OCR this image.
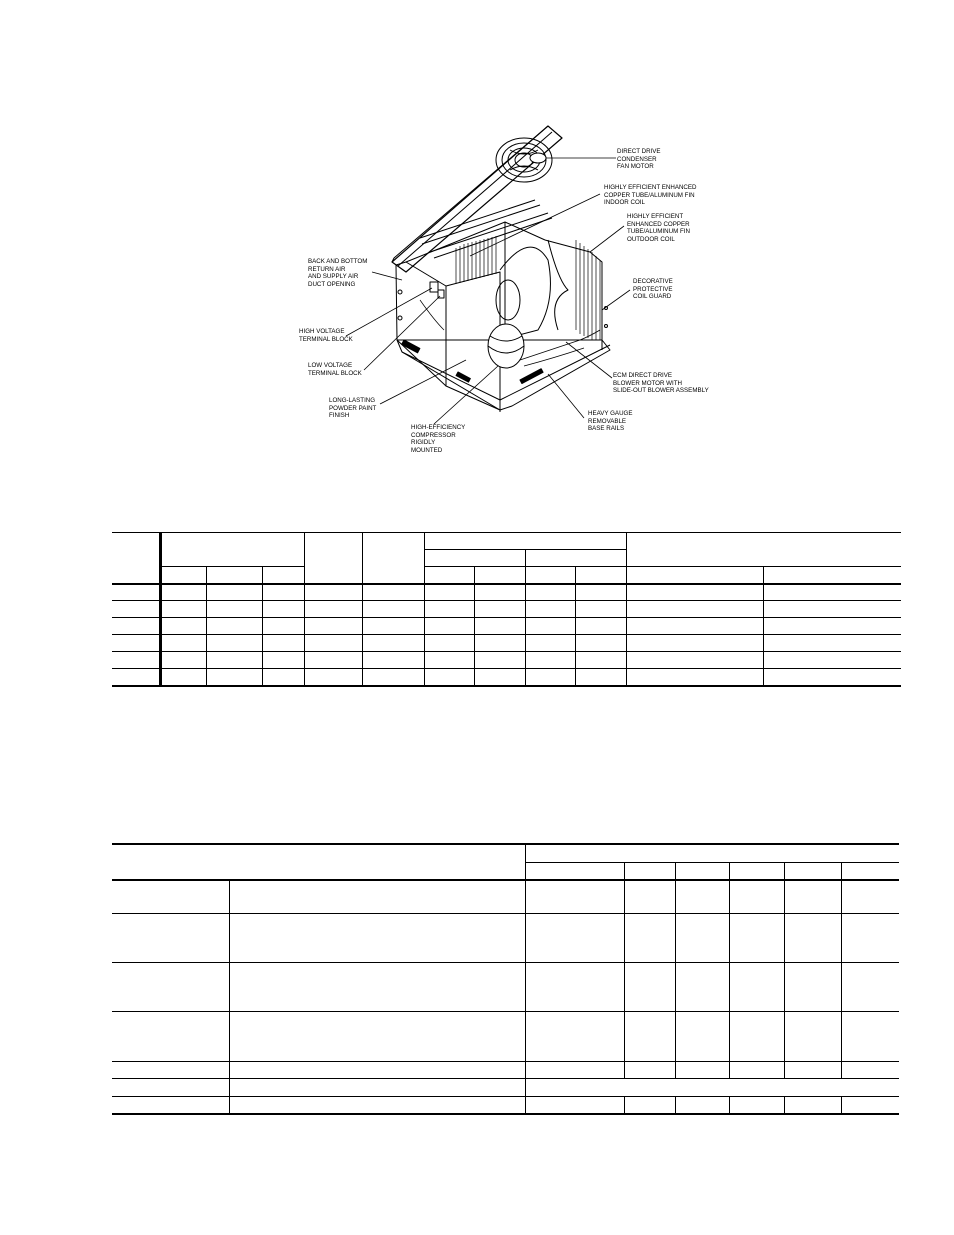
DIRECT DRIVE
CONDENSER
FAN MOTOR
HIGHLY EFFICIENT ENHANCED
COPPER TUBE/ALUMINUM FIN
INDOOR COIL
HIGHLY EFFICIENT
ENHANCED COPPER
TUBE/ALUMINUM FIN
OUTDOOR COIL
BACK AND BOTTOM
RETURN AIR
AND SUPPLY AIR
DUCT OPENING	DECORATIVE
PROTECTIVE
COIL GUARD
HIGH VOLTAGE
TERMINAL BLOCK
LOW VOLTAGE
TERMINAL BLOCK	ECM DIRECT DRIVE
BLOWER MOTOR WITH
SLIDE-OUT BLOWER ASSEMBLY
LONG-LASTING
POWDER PAINT
FINISH	HEAVY GAUGE
REMOVABLE
BASE RAILS
HIGH-EFFICIENCY
COMPRESSOR
RIGIDLY
MOUNTED
